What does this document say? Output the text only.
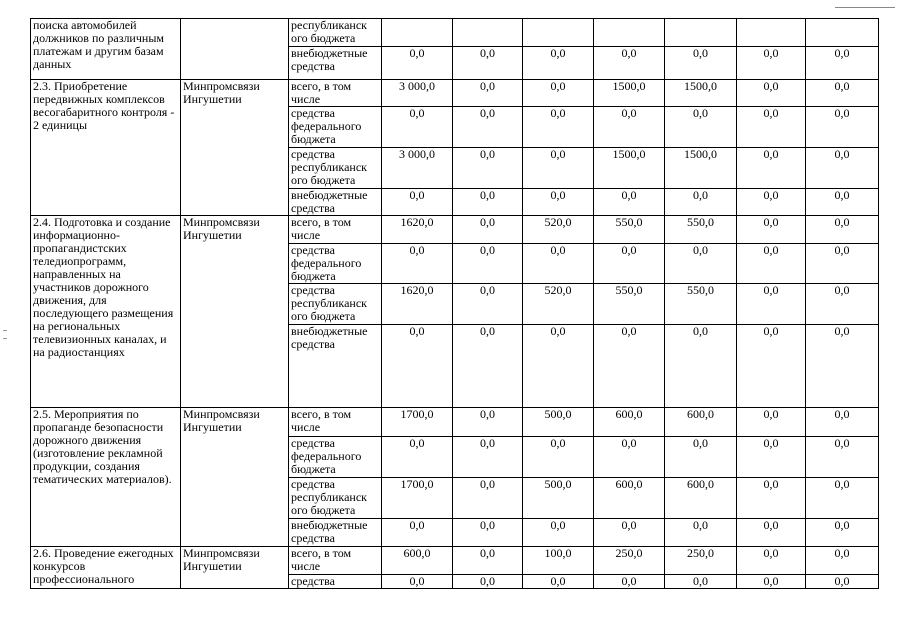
поиска автомобилей должников по различным платежам и другим базам данных		республиканск ого бюджета							
		внебюджетные средства	0,0	0,0	0,0	0,0	0,0	0,0	0,0
2.3. Приобретение передвижных комплексов весогабаритного контроля - 2 единицы	Минпромсвязи Ингушетии	всего, в том числе	3 000,0	0,0	0,0	1500,0	1500,0	0,0	0,0
		средства федерального бюджета	0,0	0,0	0,0	0,0	0,0	0,0	0,0
		средства республиканск ого бюджета	3 000,0	0,0	0,0	1500,0	1500,0	0,0	0,0
		внебюджетные средства	0,0	0,0	0,0	0,0	0,0	0,0	0,0
2.4. Подготовка и создание информационно-пропагандистских теледиопрограмм, направленных на участников дорожного движения, для последующего размещения на региональных телевизионных каналах, и на радиостанциях	Минпромсвязи Ингушетии	всего, в том числе	1620,0	0,0	520,0	550,0	550,0	0,0	0,0
		средства федерального бюджета	0,0	0,0	0,0	0,0	0,0	0,0	0,0
		средства республиканск ого бюджета	1620,0	0,0	520,0	550,0	550,0	0,0	0,0
		внебюджетные средства	0,0	0,0	0,0	0,0	0,0	0,0	0,0
2.5. Мероприятия по пропаганде безопасности дорожного движения (изготовление рекламной продукции, создания тематических материалов).	Минпромсвязи Ингушетии	всего, в том числе	1700,0	0,0	500,0	600,0	600,0	0,0	0,0
		средства федерального бюджета	0,0	0,0	0,0	0,0	0,0	0,0	0,0
		средства республиканск ого бюджета	1700,0	0,0	500,0	600,0	600,0	0,0	0,0
		внебюджетные средства	0,0	0,0	0,0	0,0	0,0	0,0	0,0
2.6. Проведение ежегодных конкурсов профессионального	Минпромсвязи Ингушетии	всего, в том числе	600,0	0,0	100,0	250,0	250,0	0,0	0,0
		средства	0,0	0,0	0,0	0,0	0,0	0,0	0,0
